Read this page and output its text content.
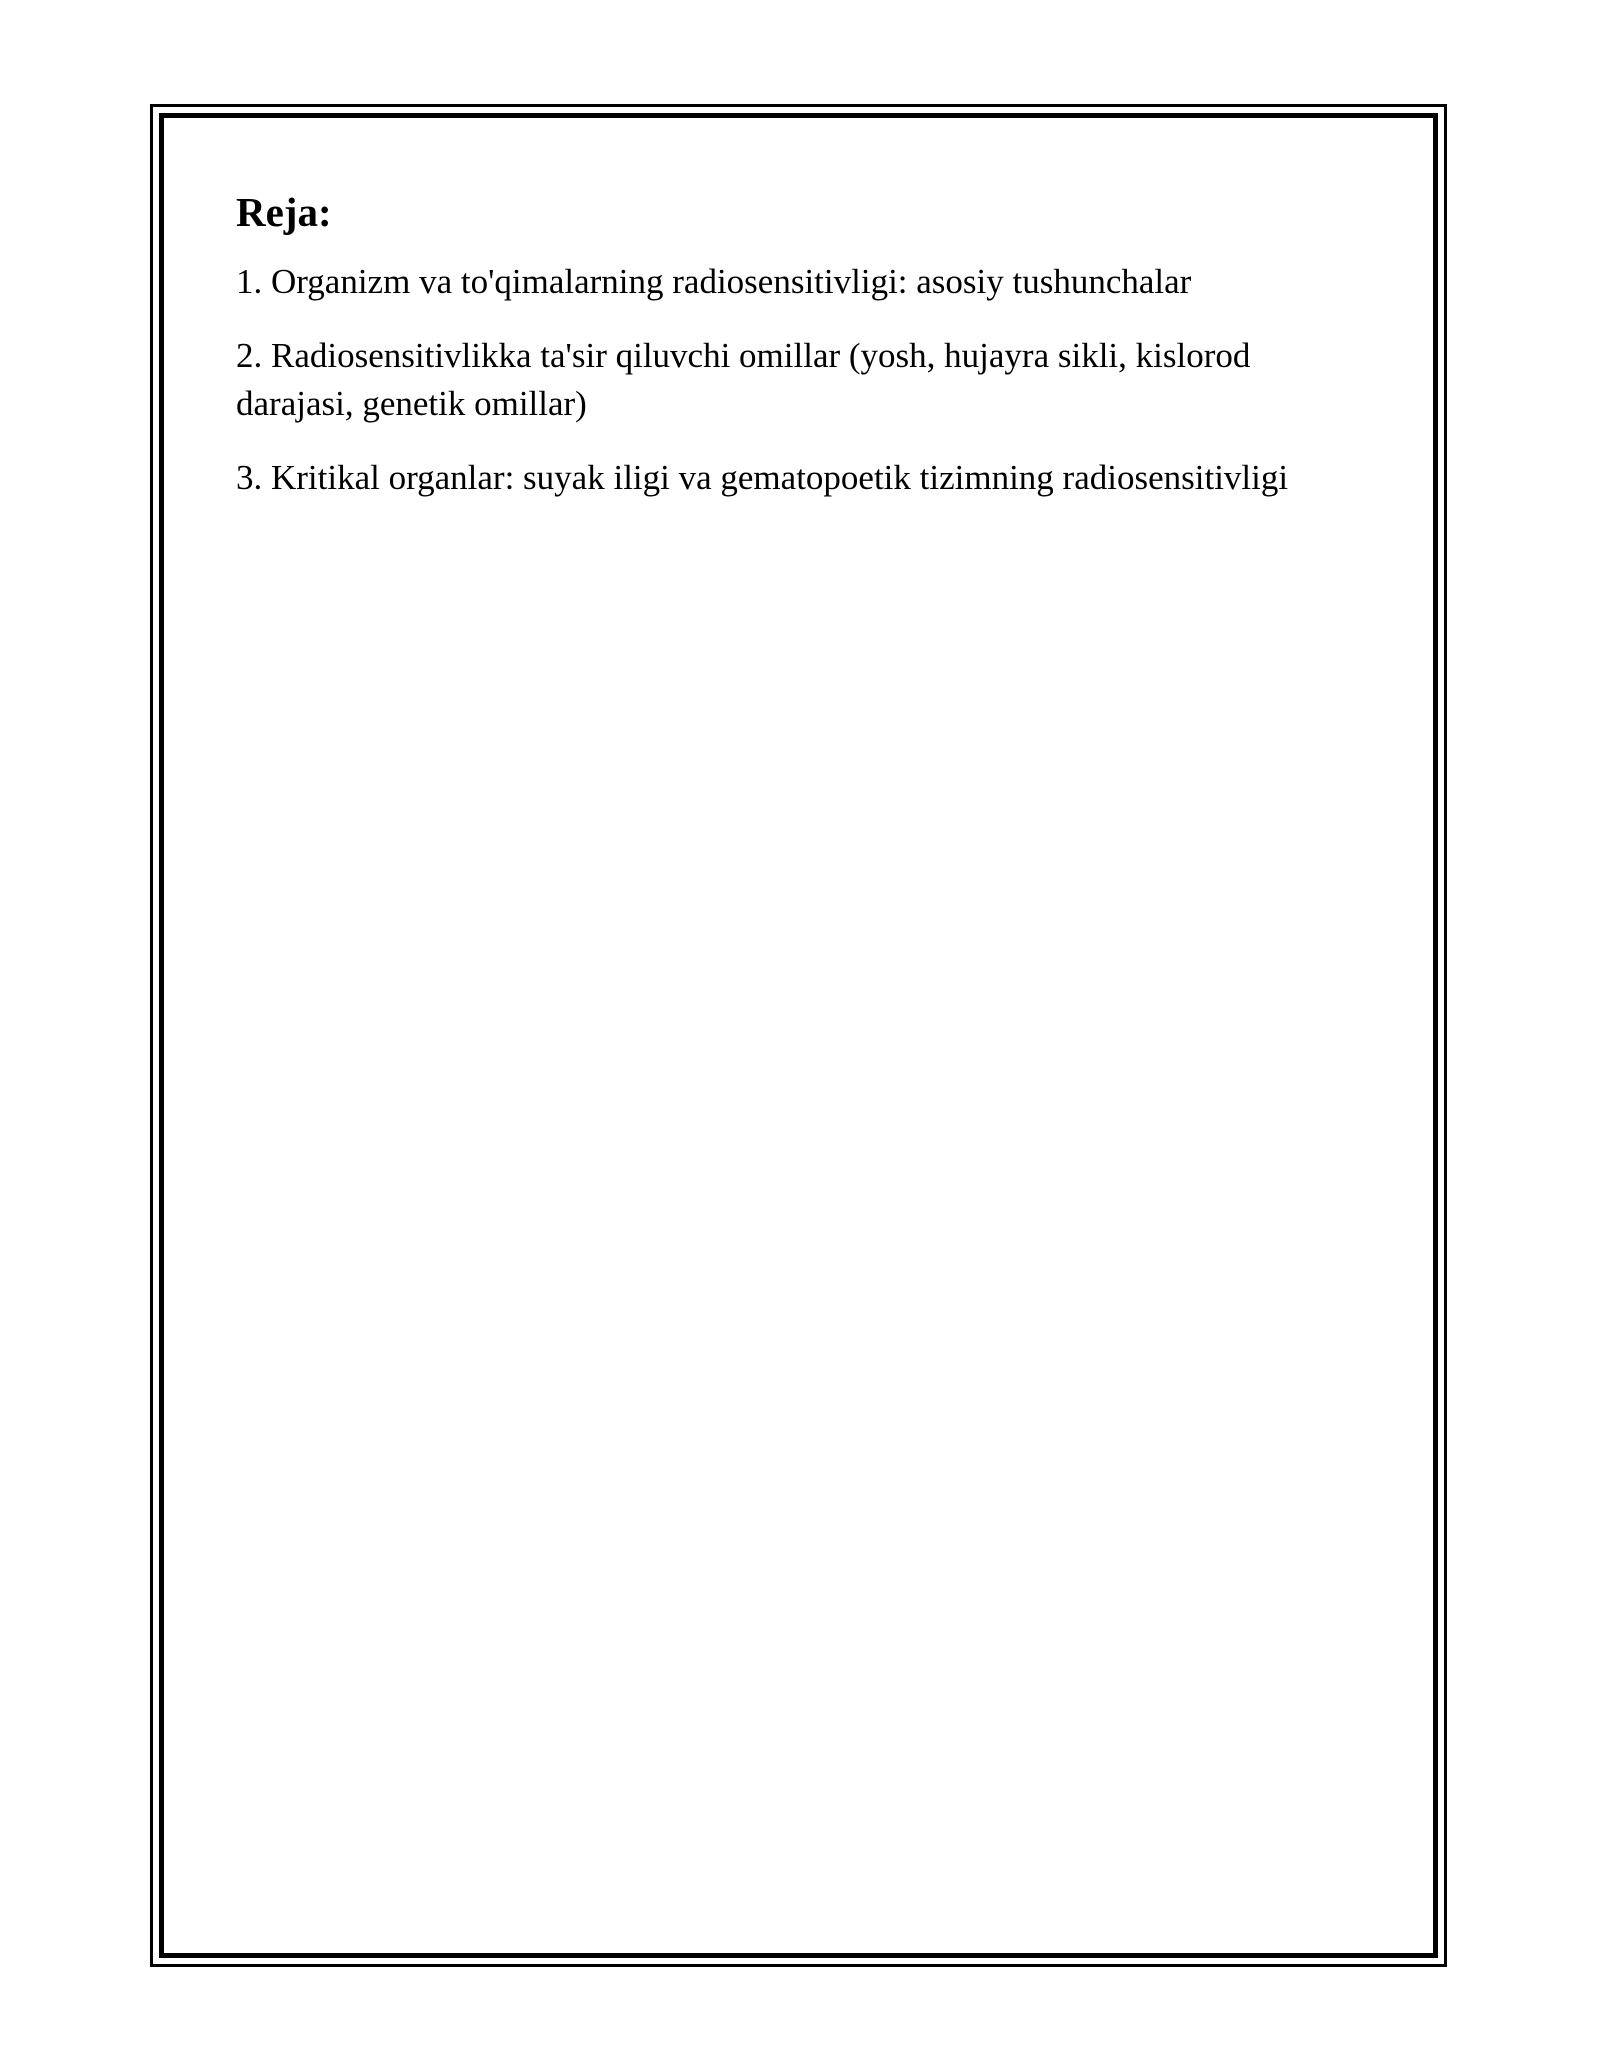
Reja:
1. Organizm va to'qimalarning radiosensitivligi: asosiy tushunchalar
2. Radiosensitivlikka ta'sir qiluvchi omillar (yosh, hujayra sikli, kislorod darajasi, genetik omillar)
3. Kritikal organlar: suyak iligi va gematopoetik tizimning radiosensitivligi
